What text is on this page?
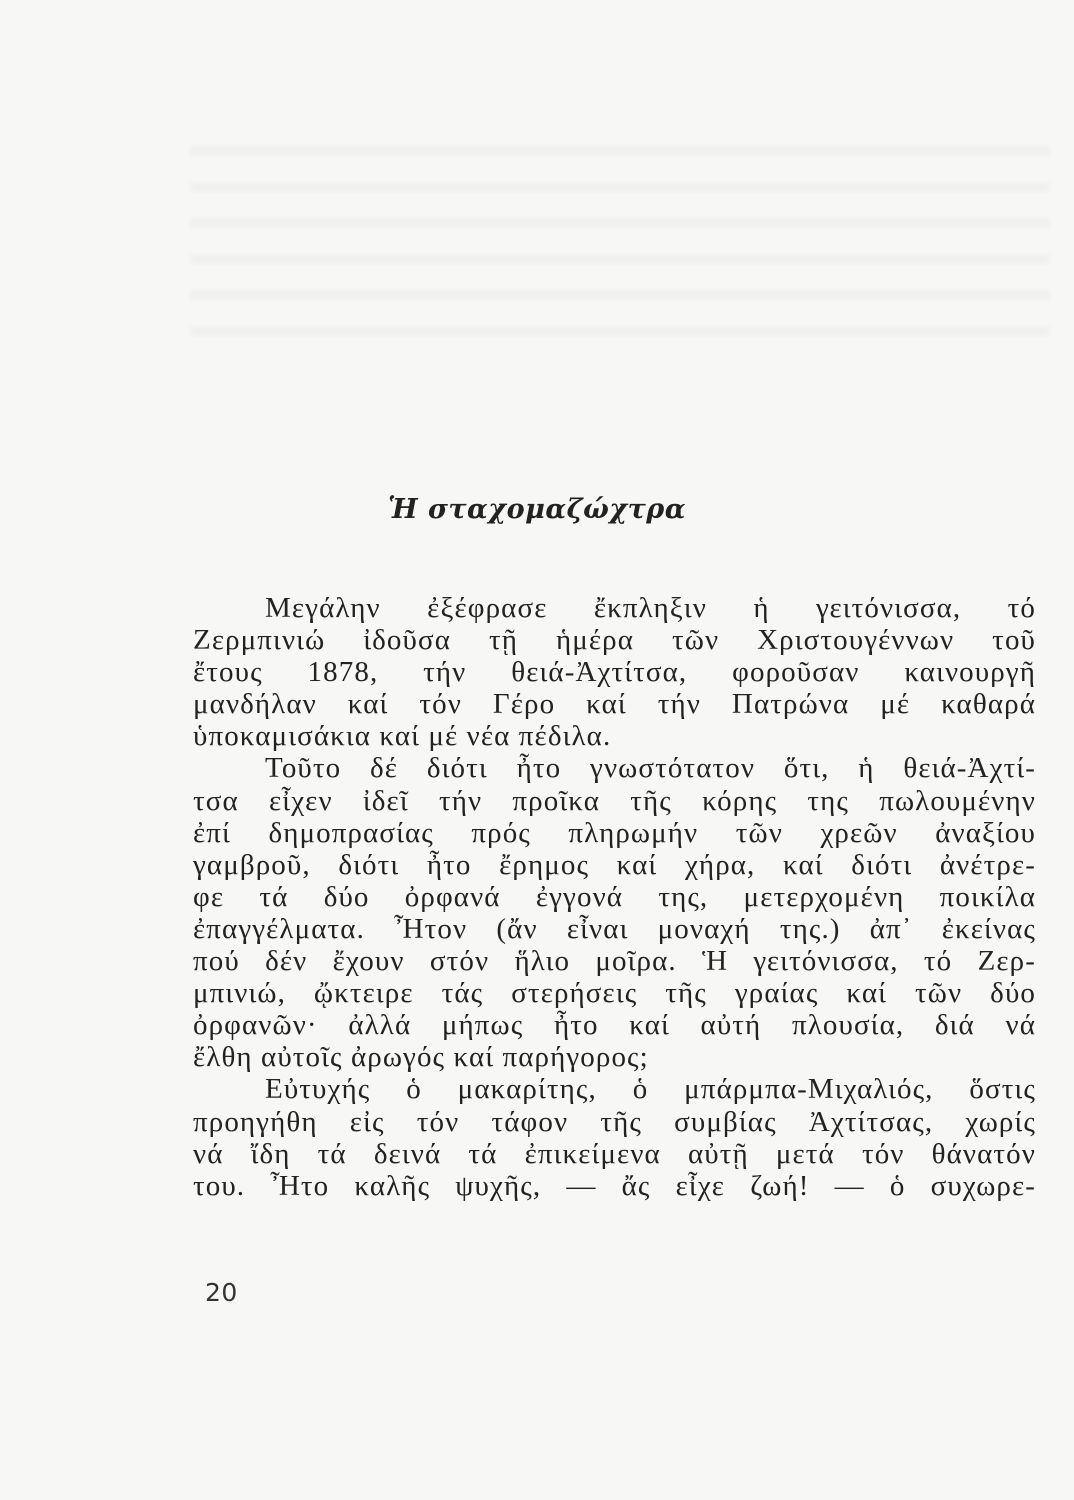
Ἡ σταχομαζώχτρα
Μεγάλην ἐξέφρασε ἔκπληξιν ἡ γειτόνισσα, τό
Ζερμπινιώ ἰδοῦσα τῇ ἡμέρα τῶν Χριστουγέννων τοῦ
ἔτους 1878, τήν θειά-Ἀχτίτσα, φοροῦσαν καινουργῆ
μανδήλαν καί τόν Γέρο καί τήν Πατρώνα μέ καθαρά
ὑποκαμισάκια καί μέ νέα πέδιλα.
Τοῦτο δέ διότι ἦτο γνωστότατον ὅτι, ἡ θειά-Ἀχτί-
τσα εἶχεν ἰδεῖ τήν προῖκα τῆς κόρης της πωλουμένην
ἐπί δημοπρασίας πρός πληρωμήν τῶν χρεῶν ἀναξίου
γαμβροῦ, διότι ἦτο ἔρημος καί χήρα, καί διότι ἀνέτρε-
φε τά δύο ὀρφανά ἐγγονά της, μετερχομένη ποικίλα
ἐπαγγέλματα. Ἦτον (ἄν εἶναι μοναχή της.) ἀπ᾽ ἐκείνας
πού δέν ἔχουν στόν ἥλιο μοῖρα. Ἡ γειτόνισσα, τό Ζερ-
μπινιώ, ᾤκτειρε τάς στερήσεις τῆς γραίας καί τῶν δύο
ὀρφανῶν· ἀλλά μήπως ἦτο καί αὐτή πλουσία, διά νά
ἔλθη αὐτοῖς ἀρωγός καί παρήγορος;
Εὐτυχής ὁ μακαρίτης, ὁ μπάρμπα-Μιχαλιός, ὅστις
προηγήθη εἰς τόν τάφον τῆς συμβίας Ἀχτίτσας, χωρίς
νά ἴδη τά δεινά τά ἐπικείμενα αὐτῇ μετά τόν θάνατόν
του. Ἦτο καλῆς ψυχῆς, — ἄς εἶχε ζωή! — ὁ συχωρε-
20
